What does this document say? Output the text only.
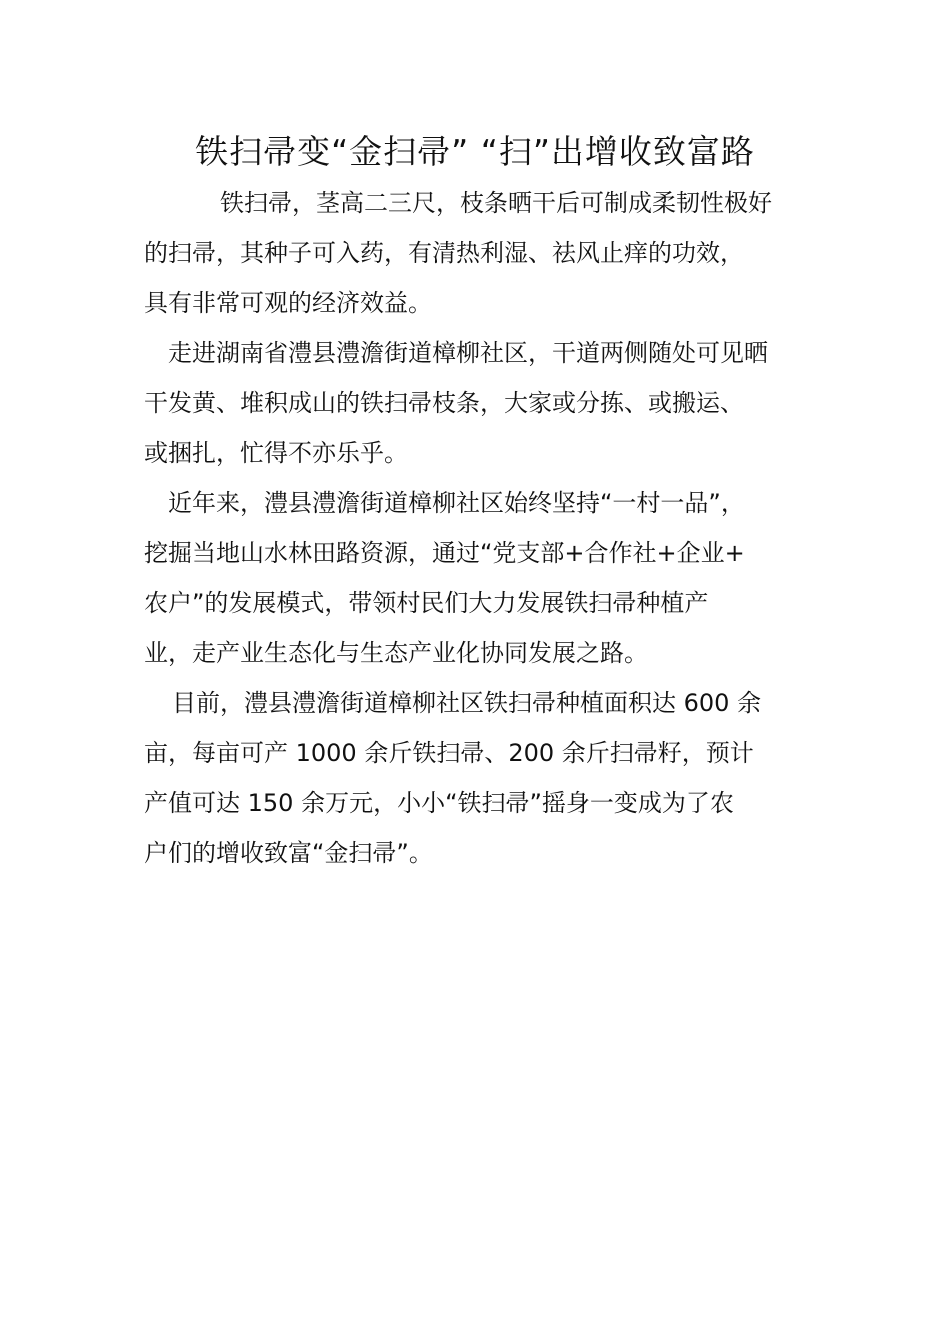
铁扫帚变“金扫帚” “扫”出增收致富路

铁扫帚，茎高二三尺，枝条晒干后可制成柔韧性极好
的扫帚，其种子可入药，有清热利湿、祛风止痒的功效，
具有非常可观的经济效益。

走进湖南省澧县澧澹街道樟柳社区，干道两侧随处可见晒
干发黄、堆积成山的铁扫帚枝条，大家或分拣、或搬运、
或捆扎，忙得不亦乐乎。

近年来，澧县澧澹街道樟柳社区始终坚持“一村一品”，
挖掘当地山水林田路资源，通过“党支部+合作社+企业+
农户”的发展模式，带领村民们大力发展铁扫帚种植产
业，走产业生态化与生态产业化协同发展之路。

目前，澧县澧澹街道樟柳社区铁扫帚种植面积达 600 余
亩，每亩可产 1000 余斤铁扫帚、200 余斤扫帚籽，预计
产值可达 150 余万元，小小“铁扫帚”摇身一变成为了农
户们的增收致富“金扫帚”。
